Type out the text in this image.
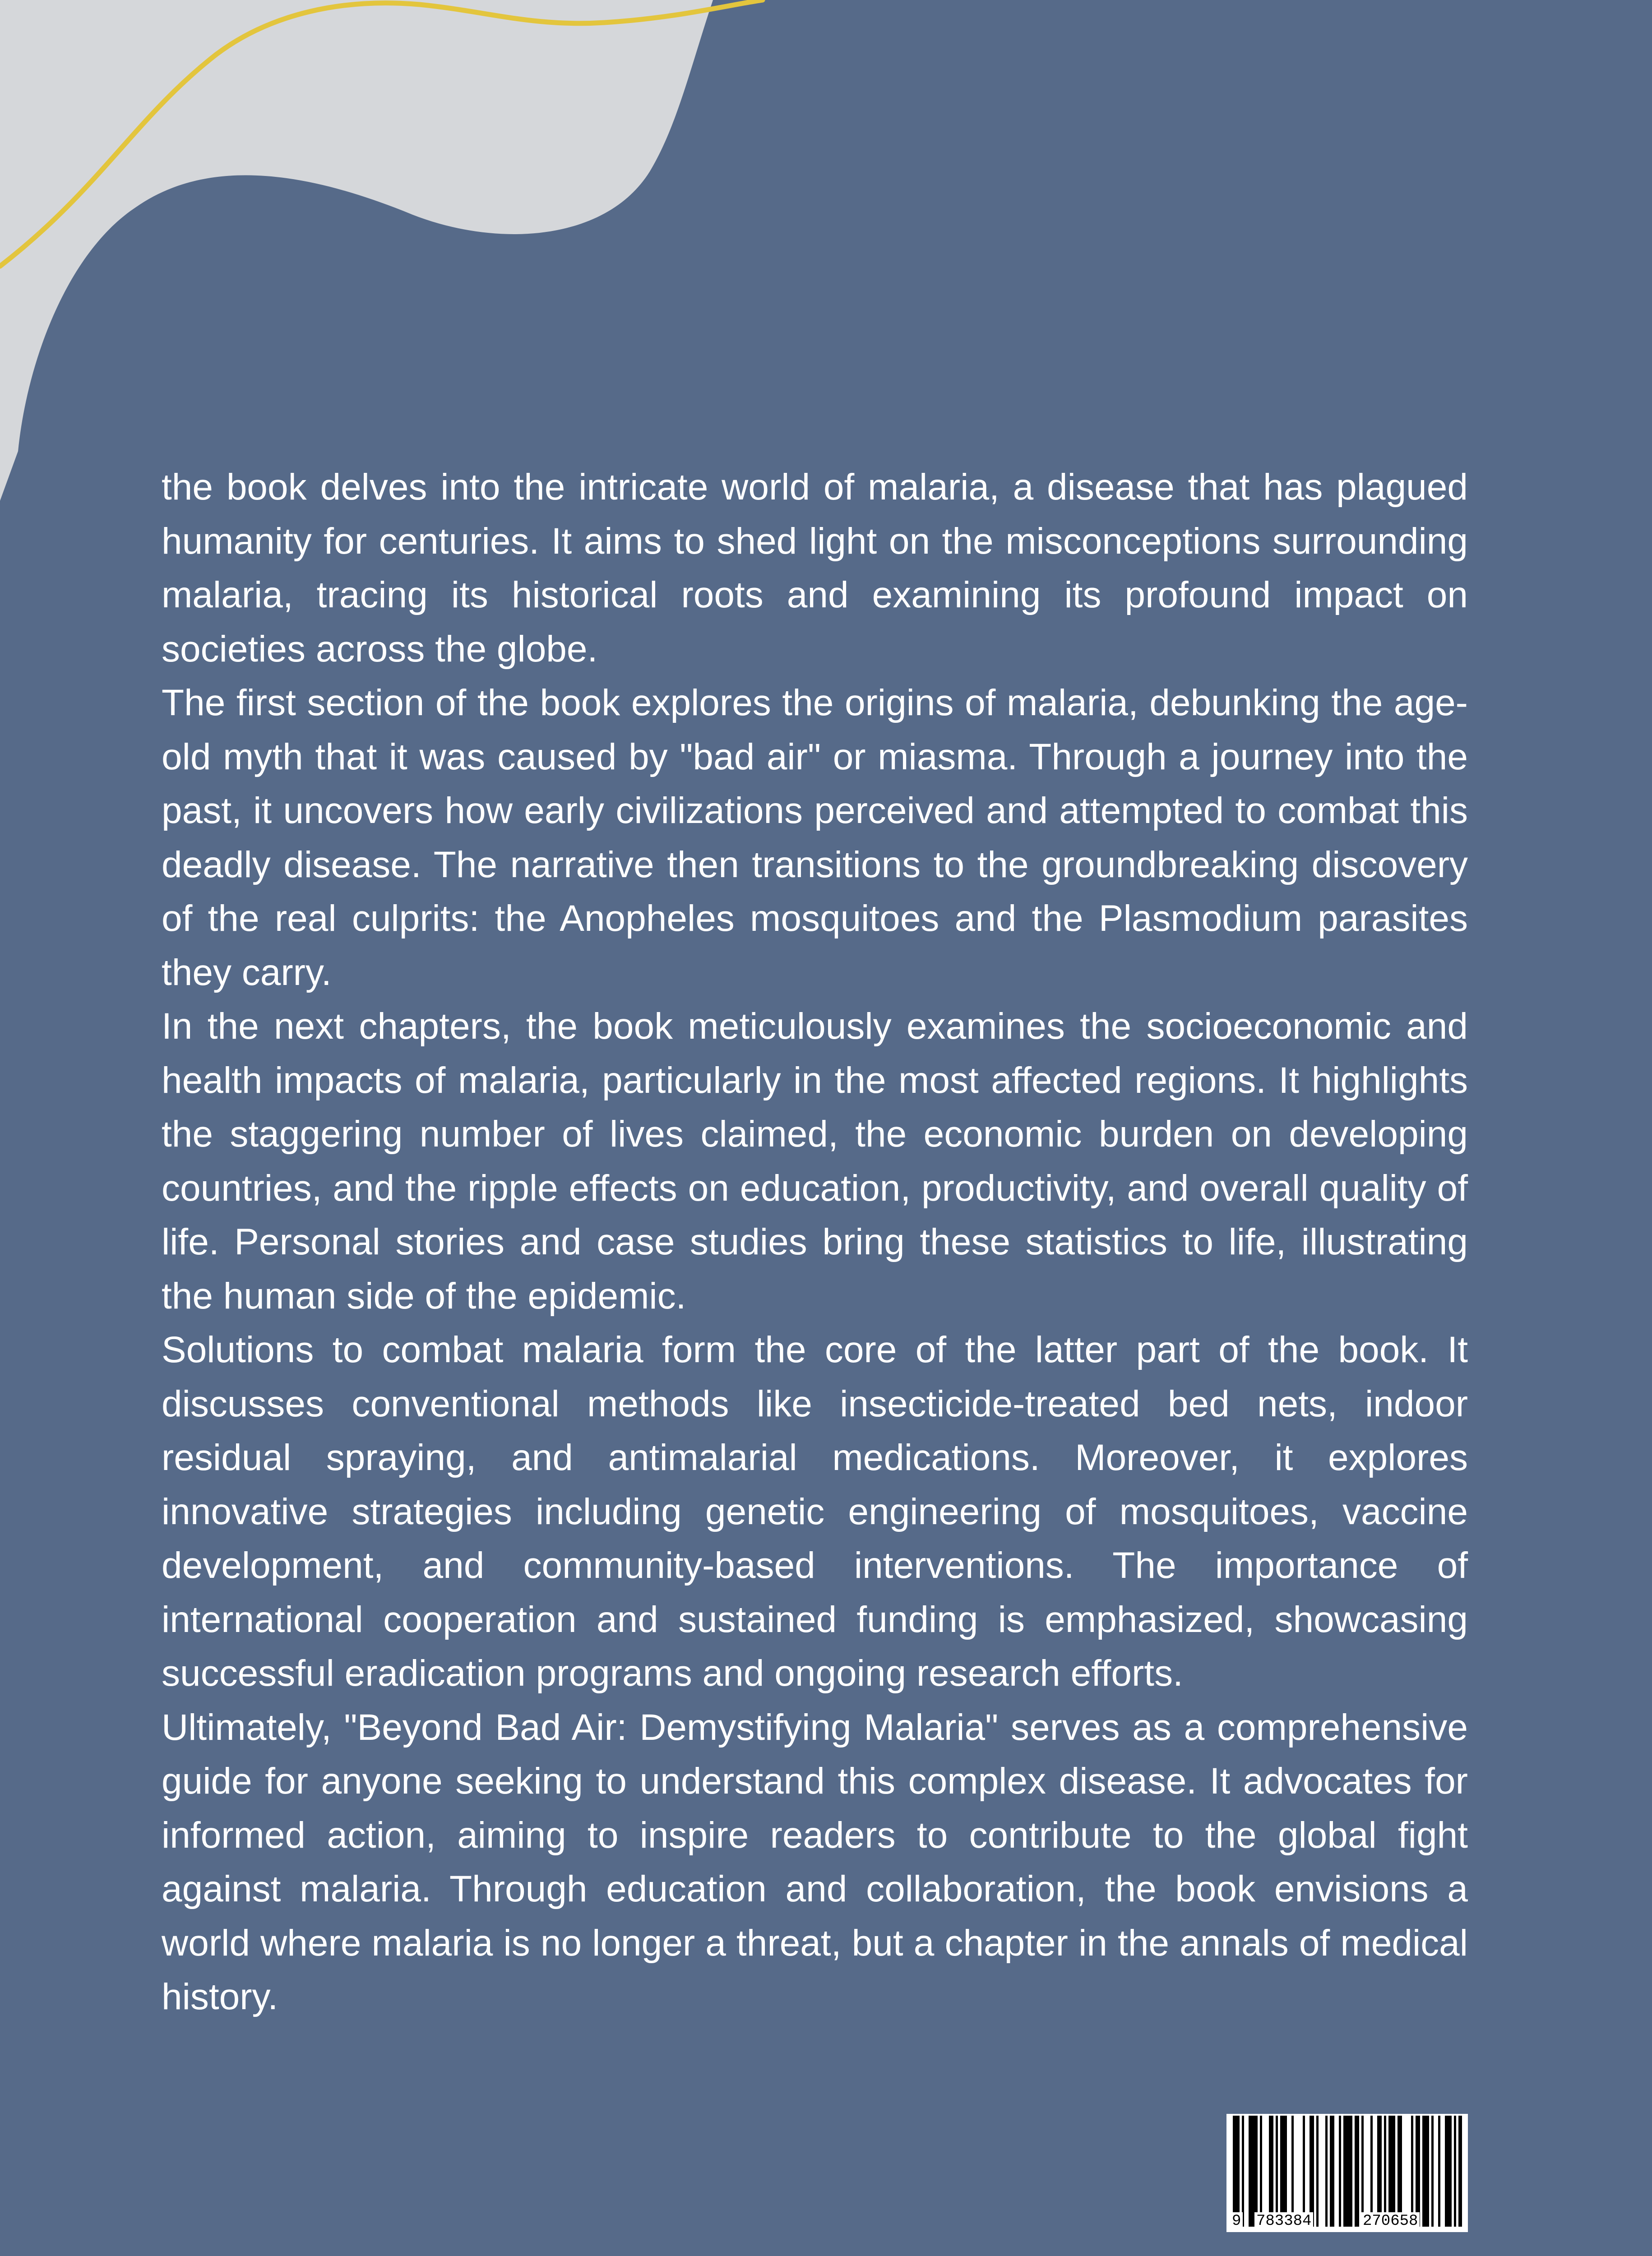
the book delves into the intricate world of malaria, a disease that has plagued humanity for centuries. It aims to shed light on the misconceptions surrounding malaria, tracing its historical roots and examining its profound impact on societies across the globe.

The first section of the book explores the origins of malaria, debunking the age-old myth that it was caused by "bad air" or miasma. Through a journey into the past, it uncovers how early civilizations perceived and attempted to combat this deadly disease. The narrative then transitions to the groundbreaking discovery of the real culprits: the Anopheles mosquitoes and the Plasmodium parasites they carry.

In the next chapters, the book meticulously examines the socioeconomic and health impacts of malaria, particularly in the most affected regions. It highlights the staggering number of lives claimed, the economic burden on developing countries, and the ripple effects on education, productivity, and overall quality of life. Personal stories and case studies bring these statistics to life, illustrating the human side of the epidemic.

Solutions to combat malaria form the core of the latter part of the book. It discusses conventional methods like insecticide-treated bed nets, indoor residual spraying, and antimalarial medications. Moreover, it explores innovative strategies including genetic engineering of mosquitoes, vaccine development, and community-based interventions. The importance of international cooperation and sustained funding is emphasized, showcasing successful eradication programs and ongoing research efforts.

Ultimately, "Beyond Bad Air: Demystifying Malaria" serves as a comprehensive guide for anyone seeking to understand this complex disease. It advocates for informed action, aiming to inspire readers to contribute to the global fight against malaria. Through education and collaboration, the book envisions a world where malaria is no longer a threat, but a chapter in the annals of medical history.

9 783384	270658
